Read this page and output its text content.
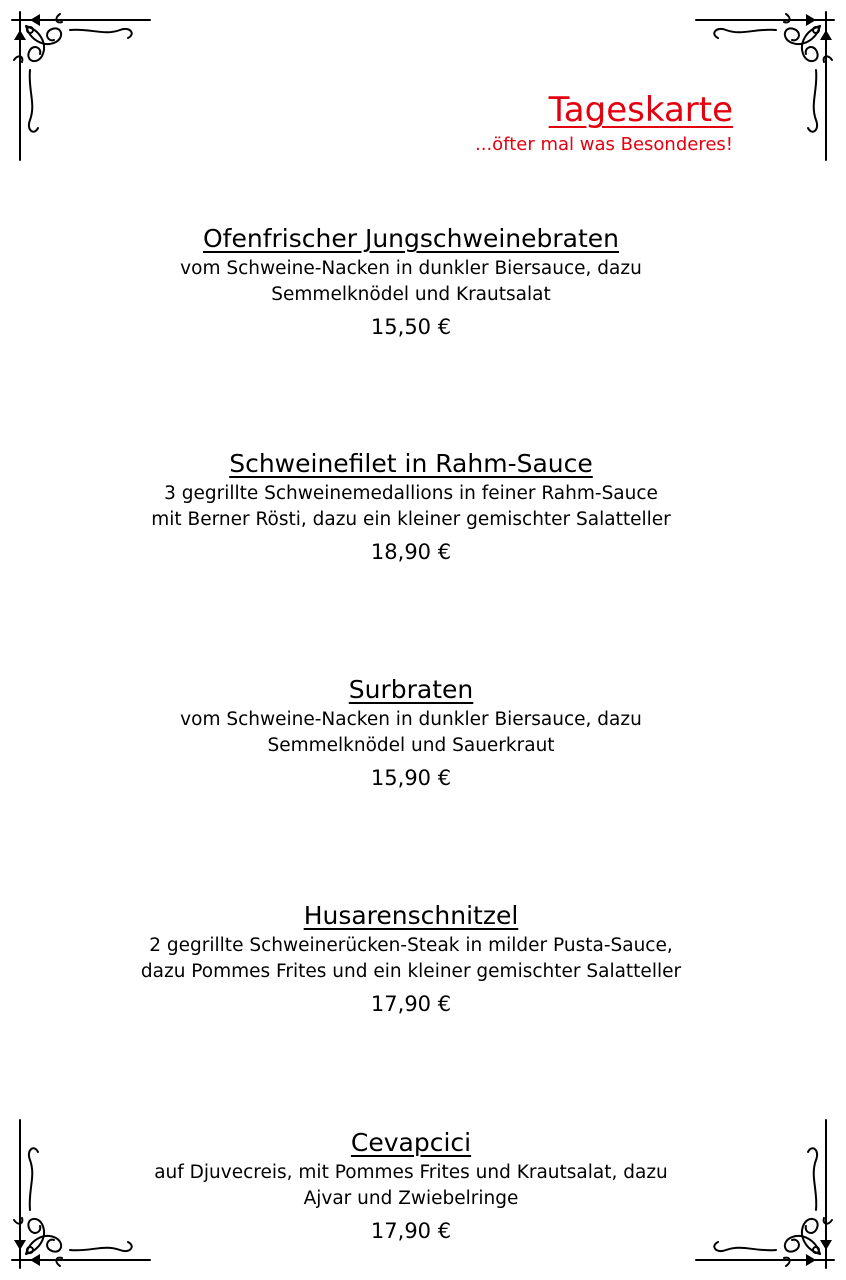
Tageskarte
...öfter mal was Besonderes!
Ofenfrischer Jungschweinebraten
vom Schweine-Nacken in dunkler Biersauce, dazu
Semmelknödel und Krautsalat
15,50 €
Schweinefilet in Rahm-Sauce
3 gegrillte Schweinemedallions in feiner Rahm-Sauce
mit Berner Rösti, dazu ein kleiner gemischter Salatteller
18,90 €
Surbraten
vom Schweine-Nacken in dunkler Biersauce, dazu
Semmelknödel und Sauerkraut
15,90 €
Husarenschnitzel
2 gegrillte Schweinerücken-Steak in milder Pusta-Sauce,
dazu Pommes Frites und ein kleiner gemischter Salatteller
17,90 €
Cevapcici
auf Djuvecreis, mit Pommes Frites und Krautsalat, dazu
Ajvar und Zwiebelringe
17,90 €
